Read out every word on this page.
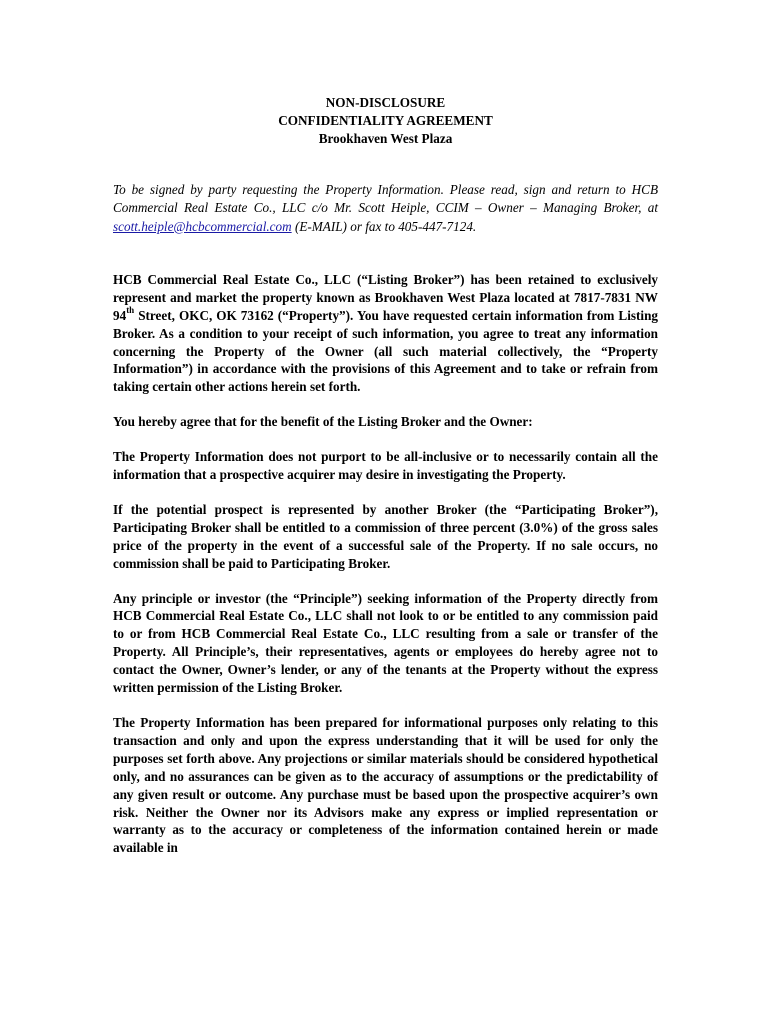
NON-DISCLOSURE
CONFIDENTIALITY AGREEMENT
Brookhaven West Plaza
To be signed by party requesting the Property Information. Please read, sign and return to HCB Commercial Real Estate Co., LLC c/o Mr. Scott Heiple, CCIM – Owner – Managing Broker, at scott.heiple@hcbcommercial.com (E-MAIL) or fax to 405-447-7124.

HCB Commercial Real Estate Co., LLC (“Listing Broker”) has been retained to exclusively represent and market the property known as Brookhaven West Plaza located at 7817-7831 NW 94th Street, OKC, OK 73162 (“Property”). You have requested certain information from Listing Broker. As a condition to your receipt of such information, you agree to treat any information concerning the Property of the Owner (all such material collectively, the “Property Information”) in accordance with the provisions of this Agreement and to take or refrain from taking certain other actions herein set forth.

You hereby agree that for the benefit of the Listing Broker and the Owner:

The Property Information does not purport to be all-inclusive or to necessarily contain all the information that a prospective acquirer may desire in investigating the Property.

If the potential prospect is represented by another Broker (the “Participating Broker”), Participating Broker shall be entitled to a commission of three percent (3.0%) of the gross sales price of the property in the event of a successful sale of the Property. If no sale occurs, no commission shall be paid to Participating Broker.

Any principle or investor (the “Principle”) seeking information of the Property directly from HCB Commercial Real Estate Co., LLC shall not look to or be entitled to any commission paid to or from HCB Commercial Real Estate Co., LLC resulting from a sale or transfer of the Property. All Principle’s, their representatives, agents or employees do hereby agree not to contact the Owner, Owner’s lender, or any of the tenants at the Property without the express written permission of the Listing Broker.

The Property Information has been prepared for informational purposes only relating to this transaction and only and upon the express understanding that it will be used for only the purposes set forth above. Any projections or similar materials should be considered hypothetical only, and no assurances can be given as to the accuracy of assumptions or the predictability of any given result or outcome. Any purchase must be based upon the prospective acquirer’s own risk. Neither the Owner nor its Advisors make any express or implied representation or warranty as to the accuracy or completeness of the information contained herein or made available in
